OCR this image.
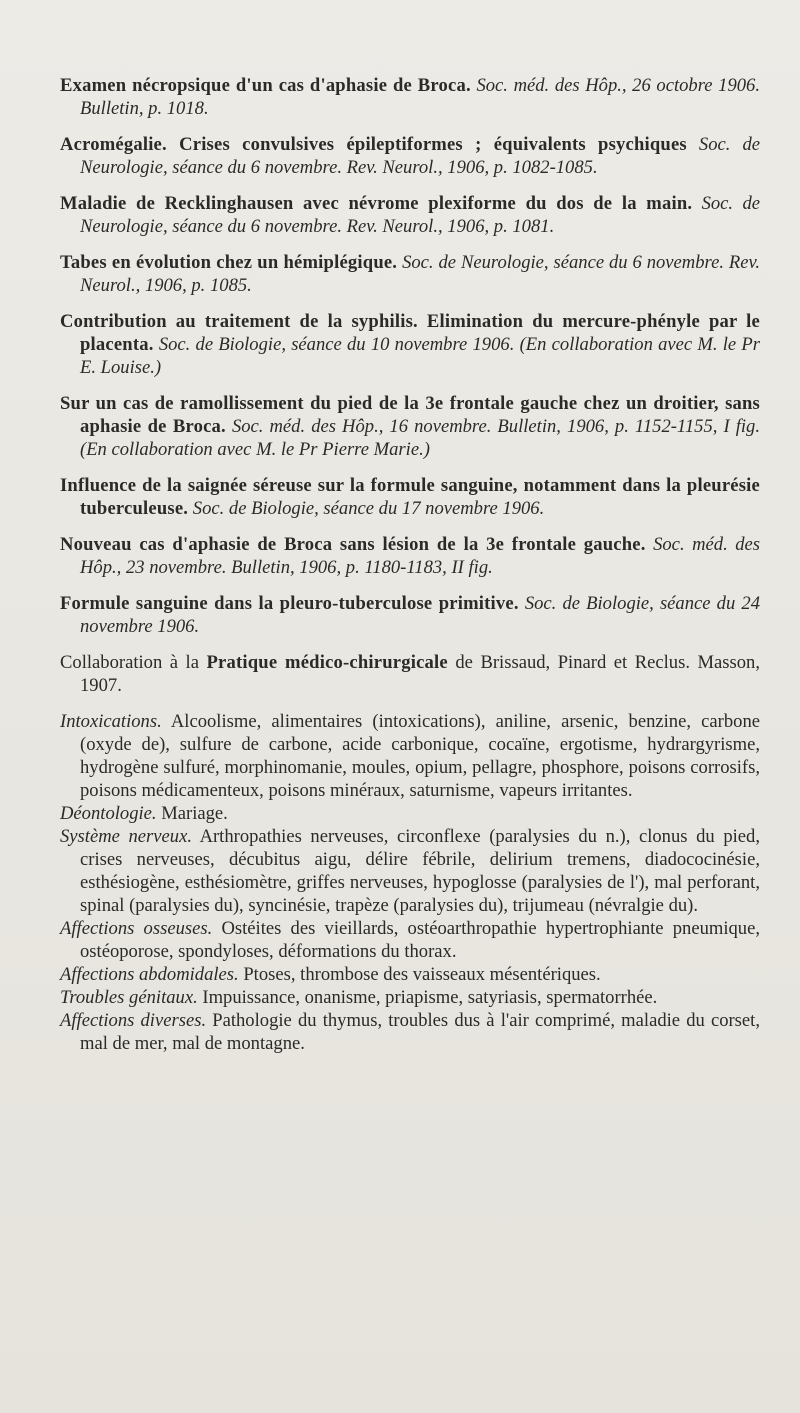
Examen nécropsique d'un cas d'aphasie de Broca. Soc. méd. des Hôp., 26 octobre 1906. Bulletin, p. 1018.

Acromégalie. Crises convulsives épileptiformes ; équivalents psychiques Soc. de Neurologie, séance du 6 novembre. Rev. Neurol., 1906, p. 1082-1085.

Maladie de Recklinghausen avec névrome plexiforme du dos de la main. Soc. de Neurologie, séance du 6 novembre. Rev. Neurol., 1906, p. 1081.

Tabes en évolution chez un hémiplégique. Soc. de Neurologie, séance du 6 novembre. Rev. Neurol., 1906, p. 1085.

Contribution au traitement de la syphilis. Elimination du mercure-phényle par le placenta. Soc. de Biologie, séance du 10 novembre 1906. (En collaboration avec M. le Pr E. Louise.)

Sur un cas de ramollissement du pied de la 3e frontale gauche chez un droitier, sans aphasie de Broca. Soc. méd. des Hôp., 16 novembre. Bulletin, 1906, p. 1152-1155, I fig. (En collaboration avec M. le Pr Pierre Marie.)

Influence de la saignée séreuse sur la formule sanguine, notamment dans la pleurésie tuberculeuse. Soc. de Biologie, séance du 17 novembre 1906.

Nouveau cas d'aphasie de Broca sans lésion de la 3e frontale gauche. Soc. méd. des Hôp., 23 novembre. Bulletin, 1906, p. 1180-1183, II fig.

Formule sanguine dans la pleuro-tuberculose primitive. Soc. de Biologie, séance du 24 novembre 1906.

Collaboration à la Pratique médico-chirurgicale de Brissaud, Pinard et Reclus. Masson, 1907.

Intoxications. Alcoolisme, alimentaires (intoxications), aniline, arsenic, benzine, carbone (oxyde de), sulfure de carbone, acide carbonique, cocaïne, ergotisme, hydrargyrisme, hydrogène sulfuré, morphinomanie, moules, opium, pellagre, phosphore, poisons corrosifs, poisons médicamenteux, poisons minéraux, saturnisme, vapeurs irritantes.

Déontologie. Mariage.

Système nerveux. Arthropathies nerveuses, circonflexe (paralysies du n.), clonus du pied, crises nerveuses, décubitus aigu, délire fébrile, delirium tremens, diadococinésie, esthésiogène, esthésiomètre, griffes nerveuses, hypoglosse (paralysies de l'), mal perforant, spinal (paralysies du), syncinésie, trapèze (paralysies du), trijumeau (névralgie du).

Affections osseuses. Ostéites des vieillards, ostéoarthropathie hypertrophiante pneumique, ostéoporose, spondyloses, déformations du thorax.

Affections abdomidales. Ptoses, thrombose des vaisseaux mésentériques.

Troubles génitaux. Impuissance, onanisme, priapisme, satyriasis, spermatorrhée.

Affections diverses. Pathologie du thymus, troubles dus à l'air comprimé, maladie du corset, mal de mer, mal de montagne.
